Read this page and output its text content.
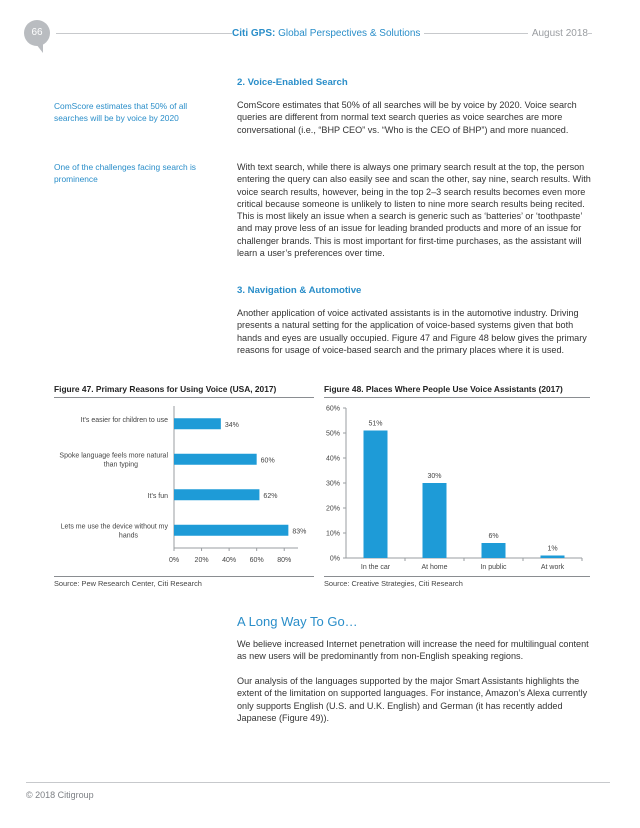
66	Citi GPS: Global Perspectives & Solutions	August 2018
ComScore estimates that 50% of all searches will be by voice by 2020
One of the challenges facing search is prominence
2. Voice-Enabled Search
ComScore estimates that 50% of all searches will be by voice by 2020. Voice search queries are different from normal text search queries as voice searches are more conversational (i.e., “BHP CEO” vs. “Who is the CEO of BHP”) and more nuanced.
With text search, while there is always one primary search result at the top, the person entering the query can also easily see and scan the other, say nine, search results. With voice search results, however, being in the top 2–3 search results becomes even more critical because someone is unlikely to listen to nine more search results being recited. This is most likely an issue when a search is generic such as ‘batteries’ or ‘toothpaste’ and may prove less of an issue for leading branded products and more of an issue for challenger brands. This is most important for first-time purchases, as the assistant will learn a user’s preferences over time.
3. Navigation & Automotive
Another application of voice activated assistants is in the automotive industry. Driving presents a natural setting for the application of voice-based systems given that both hands and eyes are usually occupied. Figure 47 and Figure 48 below gives the primary reasons for usage of voice-based search and the primary places where it is used.
Figure 47. Primary Reasons for Using Voice (USA, 2017)
34%
It's easier for children to use
60%
Spoke language feels more natural than typing
62%
It's fun
83%
Lets me use the device without my hands
0% 20% 40% 60% 80%
Source: Pew Research Center, Citi Research
Figure 48. Places Where People Use Voice Assistants (2017)
0%
10%
20%
30%
40%
50%
60%
51%
In the car
30%
At home
6%
In public
1%
At work
Source: Creative Strategies, Citi Research
A Long Way To Go…
We believe increased Internet penetration will increase the need for multilingual content as new users will be predominantly from non-English speaking regions.
Our analysis of the languages supported by the major Smart Assistants highlights the extent of the limitation on supported languages. For instance, Amazon’s Alexa currently only supports English (U.S. and U.K. English) and German (it has recently added Japanese (Figure 49)).
© 2018 Citigroup
